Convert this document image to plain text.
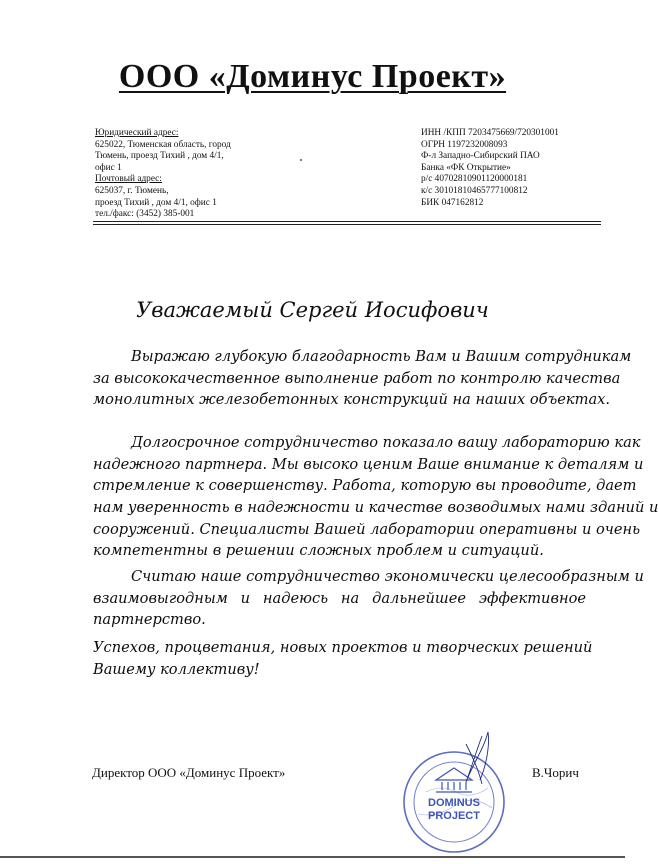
ООО «Доминус Проект»
Юридический адрес:
625022, Тюменская область, город
Тюмень, проезд Тихий , дом 4/1,
офис 1
Почтовый адрес:
625037, г. Тюмень,
проезд Тихий , дом 4/1, офис 1
тел./факс: (3452) 385-001
ИНН /КПП 7203475669/720301001
ОГРН 1197232008093
Ф-л Западно-Сибирский ПАО
Банка «ФК Открытие»
р/с 40702810901120000181
к/с 30101810465777100812
БИК 047162812
Уважаемый Сергей Иосифович
Выражаю глубокую благодарность Вам и Вашим сотрудникам
за высококачественное выполнение работ по контролю качества
монолитных железобетонных конструкций на наших объектах.
Долгосрочное сотрудничество показало вашу лабораторию как
надежного партнера. Мы высоко ценим Ваше внимание к деталям и
стремление к совершенству. Работа, которую вы проводите, дает
нам уверенность в надежности и качестве возводимых нами зданий и
сооружений. Специалисты Вашей лаборатории оперативны и очень
компетентны в решении сложных проблем и ситуаций.
Считаю наше сотрудничество экономически целесообразным и
взаимовыгодным и надеюсь на дальнейшее эффективное
партнерство.
Успехов, процветания, новых проектов и творческих решений
Вашему коллективу!
Директор ООО «Доминус Проект»	В.Чорич
DOMINUS
PROJECT
